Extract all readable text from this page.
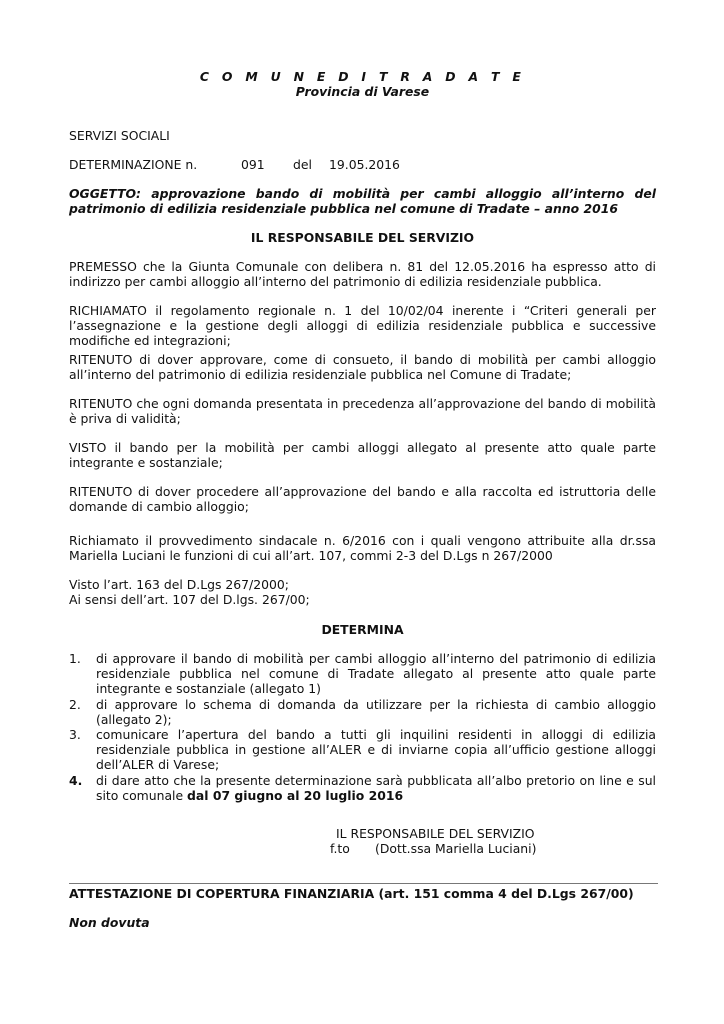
C O M U N E D I T R A D A T E
Provincia di Varese
SERVIZI SOCIALI
DETERMINAZIONE n.	091 del 19.05.2016
OGGETTO: approvazione bando di mobilità per cambi alloggio all’interno del patrimonio di edilizia residenziale pubblica nel comune di Tradate – anno 2016
IL RESPONSABILE DEL SERVIZIO
PREMESSO che la Giunta Comunale con delibera n. 81 del 12.05.2016 ha espresso atto di indirizzo per cambi alloggio all’interno del patrimonio di edilizia residenziale pubblica.
RICHIAMATO il regolamento regionale n. 1 del 10/02/04 inerente i “Criteri generali per l’assegnazione e la gestione degli alloggi di edilizia residenziale pubblica e successive modifiche ed integrazioni;
RITENUTO di dover approvare, come di consueto, il bando di mobilità per cambi alloggio all’interno del patrimonio di edilizia residenziale pubblica nel Comune di Tradate;
RITENUTO che ogni domanda presentata in precedenza all’approvazione del bando di mobilità è priva di validità;
VISTO il bando per la mobilità per cambi alloggi allegato al presente atto quale parte integrante e sostanziale;
RITENUTO di dover procedere all’approvazione del bando e alla raccolta ed istruttoria delle domande di cambio alloggio;
Richiamato il provvedimento sindacale n. 6/2016 con i quali vengono attribuite alla dr.ssa Mariella Luciani le funzioni di cui all’art. 107, commi 2-3 del D.Lgs n 267/2000
Visto l’art. 163 del D.Lgs 267/2000;
Ai sensi dell’art. 107 del D.lgs. 267/00;
DETERMINA
1. di approvare il bando di mobilità per cambi alloggio all’interno del patrimonio di edilizia residenziale pubblica nel comune di Tradate allegato al presente atto quale parte integrante e sostanziale (allegato 1)
2. di approvare lo schema di domanda da utilizzare per la richiesta di cambio alloggio (allegato 2);
3. comunicare l’apertura del bando a tutti gli inquilini residenti in alloggi di edilizia residenziale pubblica in gestione all’ALER e di inviarne copia all’ufficio gestione alloggi dell’ALER di Varese;
4. di dare atto che la presente determinazione sarà pubblicata all’albo pretorio on line e sul sito comunale dal 07 giugno al 20 luglio 2016
IL RESPONSABILE DEL SERVIZIO
f.to (Dott.ssa Mariella Luciani)
ATTESTAZIONE DI COPERTURA FINANZIARIA (art. 151 comma 4 del D.Lgs 267/00)
Non dovuta
